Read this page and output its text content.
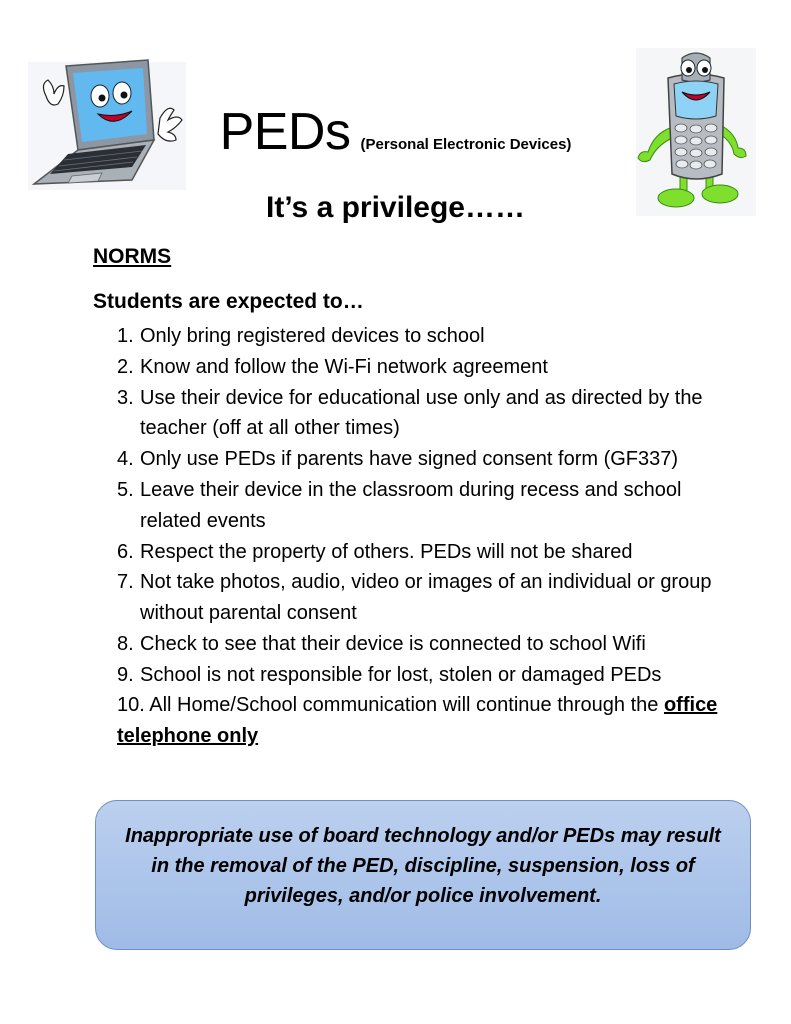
PEDs (Personal Electronic Devices)
It’s a privilege……
NORMS
Students are expected to…
1. Only bring registered devices to school
2. Know and follow the Wi-Fi network agreement
3. Use their device for educational use only and as directed by the teacher (off at all other times)
4. Only use PEDs if parents have signed consent form (GF337)
5. Leave their device in the classroom during recess and school related events
6. Respect the property of others. PEDs will not be shared
7. Not take photos, audio, video or images of an individual or group without parental consent
8. Check to see that their device is connected to school Wifi
9. School is not responsible for lost, stolen or damaged PEDs
10. All Home/School communication will continue through the office telephone only

Inappropriate use of board technology and/or PEDs may result in the removal of the PED, discipline, suspension, loss of privileges, and/or police involvement.
